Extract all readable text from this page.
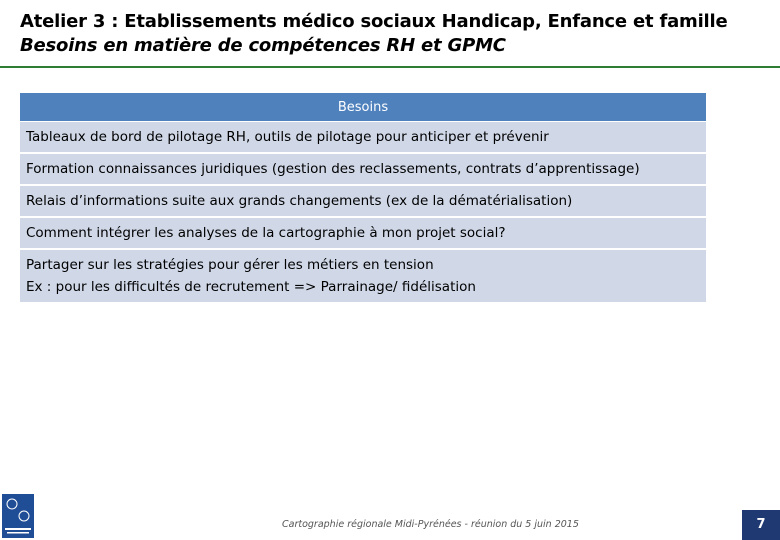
Atelier 3 : Etablissements médico sociaux Handicap, Enfance et famille
Besoins en matière de compétences RH et GPMC
Besoins
Tableaux de bord de pilotage RH, outils de pilotage pour anticiper et prévenir
Formation connaissances juridiques (gestion des reclassements, contrats d’apprentissage)
Relais d’informations suite aux grands changements (ex de la dématérialisation)
Comment intégrer les analyses de la cartographie à mon projet social?
Partager sur les stratégies pour gérer les métiers en tension
Ex : pour les difficultés de recrutement => Parrainage/ fidélisation
Cartographie régionale Midi-Pyrénées - réunion du 5 juin 2015	7
